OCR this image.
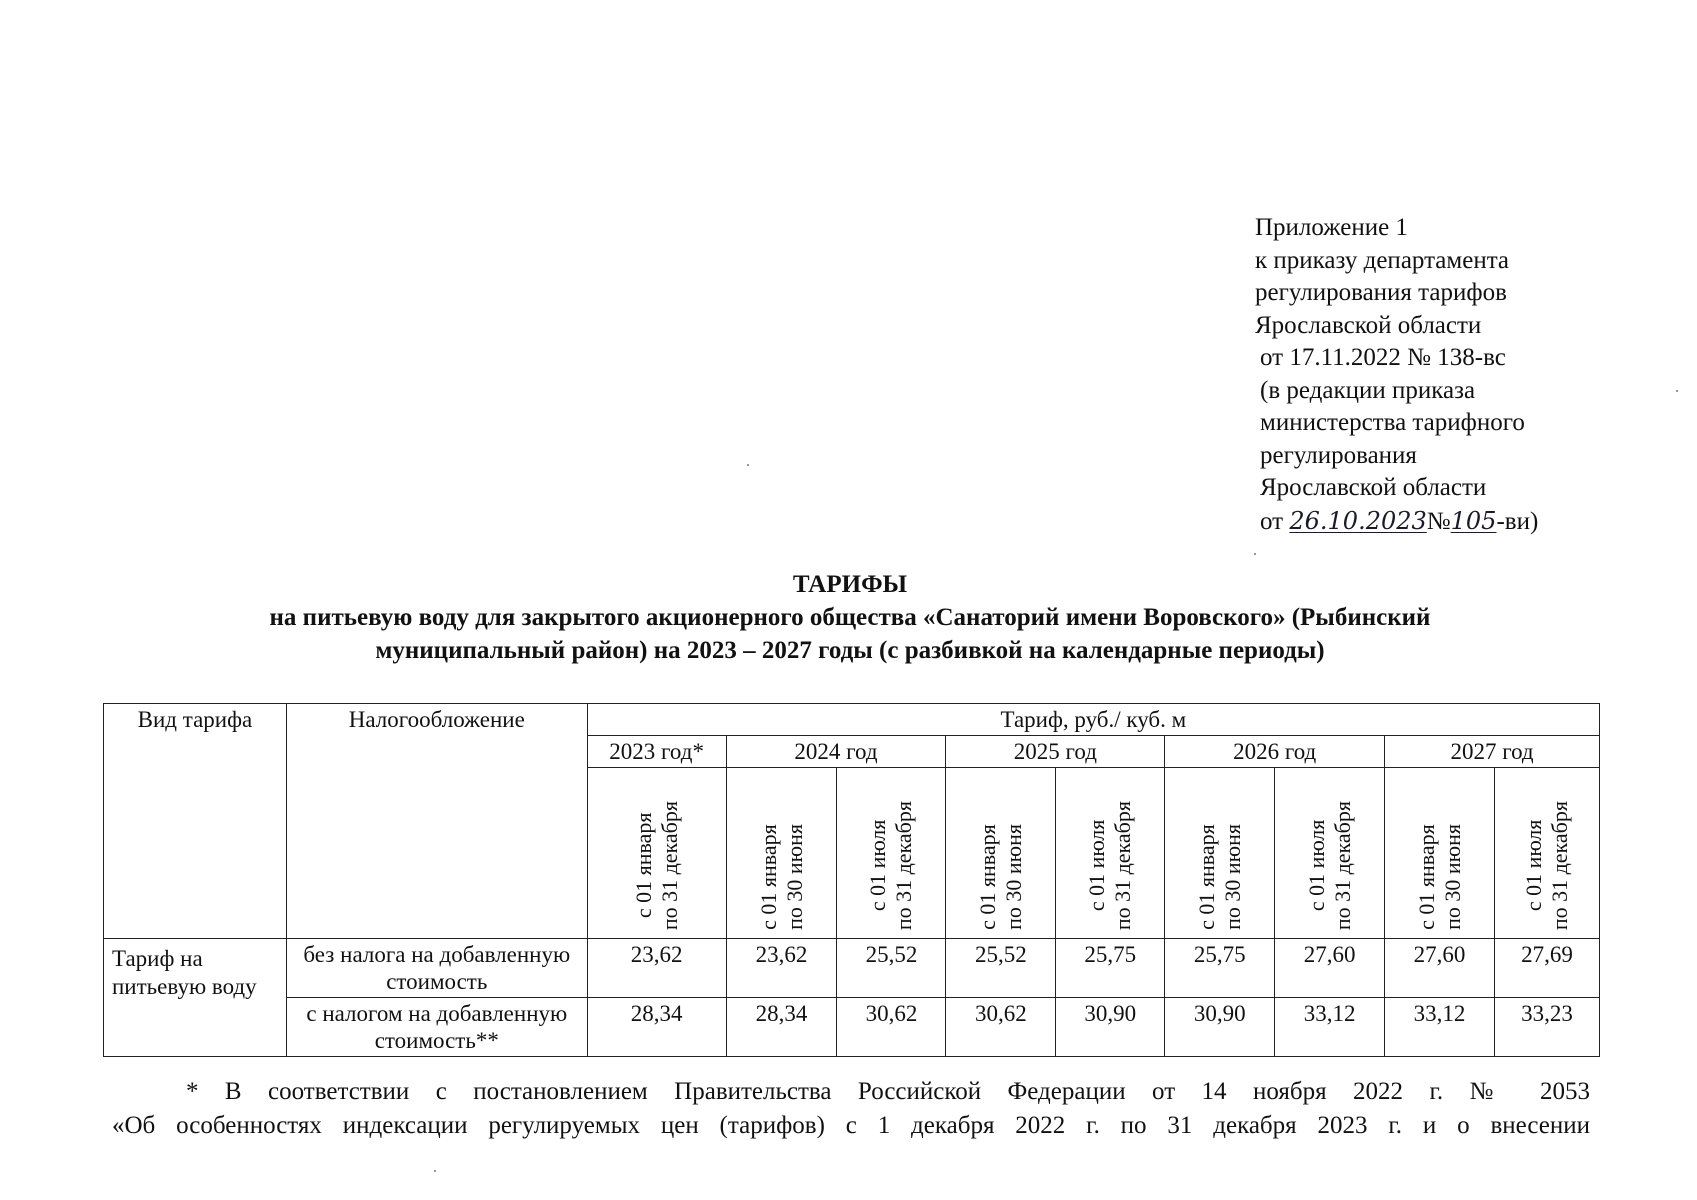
Приложение 1
к приказу департамента
регулирования тарифов
Ярославской области
от 17.11.2022 № 138-вс
(в редакции приказа
министерства тарифного
регулирования
Ярославской области
от 26.10.2023№105-ви)
ТАРИФЫ
на питьевую воду для закрытого акционерного общества «Санаторий имени Воровского» (Рыбинский
муниципальный район) на 2023 – 2027 годы (с разбивкой на календарные периоды)
Вид тарифа	Налогообложение	Тариф, руб./ куб. м								
		2023 год*	2024 год		2025 год		2026 год		2027 год	

		с 01 января
по 31 декабря	с 01 января
по 30 июня	с 01 июля
по 31 декабря	с 01 января
по 30 июня	с 01 июля
по 31 декабря	с 01 января
по 30 июня	с 01 июля
по 31 декабря	с 01 января
по 30 июня	с 01 июля
по 31 декабря

Тариф на питьевую воду	без налога на добавленную стоимость	23,62	23,62	25,52	25,52	25,75	25,75	27,60	27,60	27,69
	с налогом на добавленную стоимость**	28,34	28,34	30,62	30,62	30,90	30,90	33,12	33,12	33,23
* В соответствии с постановлением Правительства Российской Федерации от 14 ноября 2022 г. № 2053
«Об особенностях индексации регулируемых цен (тарифов) с 1 декабря 2022 г. по 31 декабря 2023 г. и о внесении
